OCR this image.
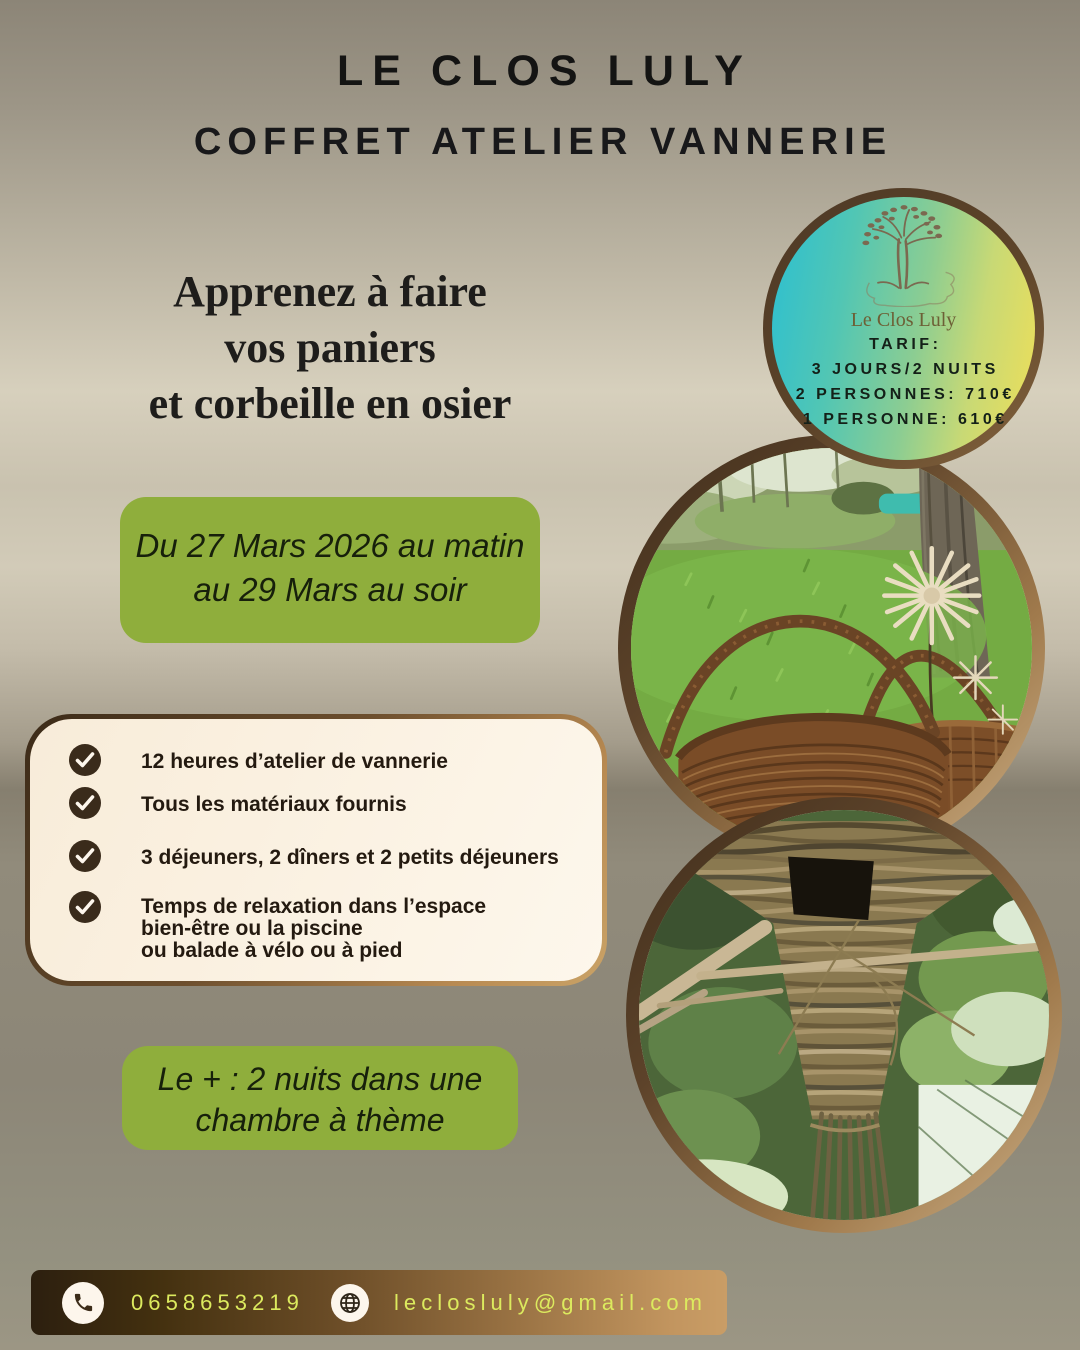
LE CLOS LULY
COFFRET ATELIER VANNERIE
Apprenez à faire
vos paniers
et corbeille en osier
Le Clos Luly
TARIF:
3 JOURS/2 NUITS
2 PERSONNES: 710€
1 PERSONNE: 610€
Du 27 Mars 2026 au matin
au 29 Mars au soir
12 heures d’atelier de vannerie
Tous les matériaux fournis
3 déjeuners, 2 dîners et 2 petits déjeuners
Temps de relaxation dans l’espace
bien-être ou la piscine
ou balade à vélo ou à pied
Le + : 2 nuits dans une
chambre à thème
0658653219	leclosluly@gmail.com
